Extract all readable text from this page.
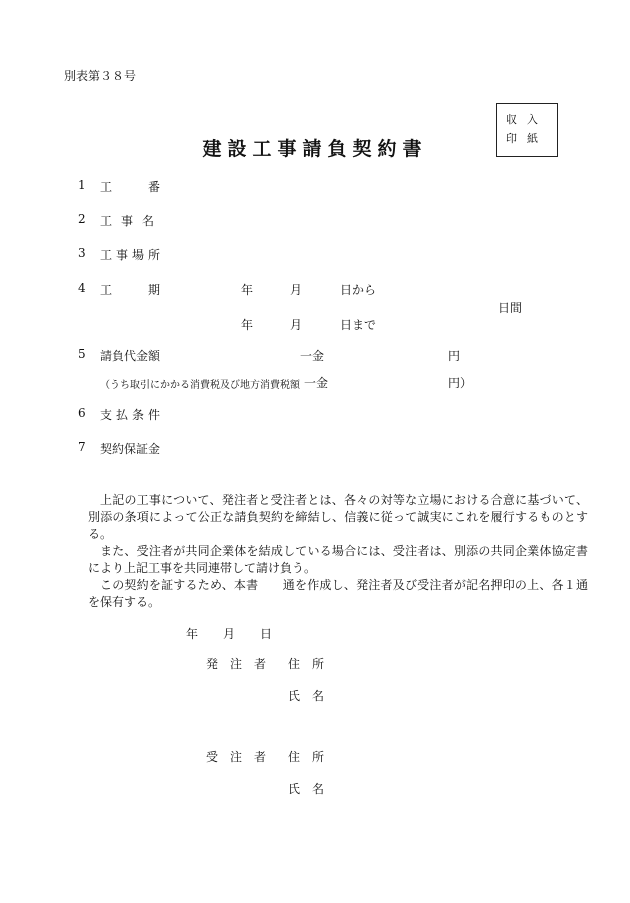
別表第３８号
建設工事請負契約書
収入
印紙
1 工　　番
2 工事名
3 工事場所
4 工　　期	年	月	日から
日間
年	月	日まで
5 請負代金額	一金	円
（うち取引にかかる消費税及び地方消費税額 一金	円）
6 支払条件
7 契約保証金
上記の工事について、発注者と受注者とは、各々の対等な立場における合意に基づいて、別添の条項によって公正な請負契約を締結し、信義に従って誠実にこれを履行するものとする。
また、受注者が共同企業体を結成している場合には、受注者は、別添の共同企業体協定書により上記工事を共同連帯して請け負う。
この契約を証するため、本書　　通を作成し、発注者及び受注者が記名押印の上、各１通を保有する。
年 月 日
発注者 住所
氏名
受注者 住所
氏名
